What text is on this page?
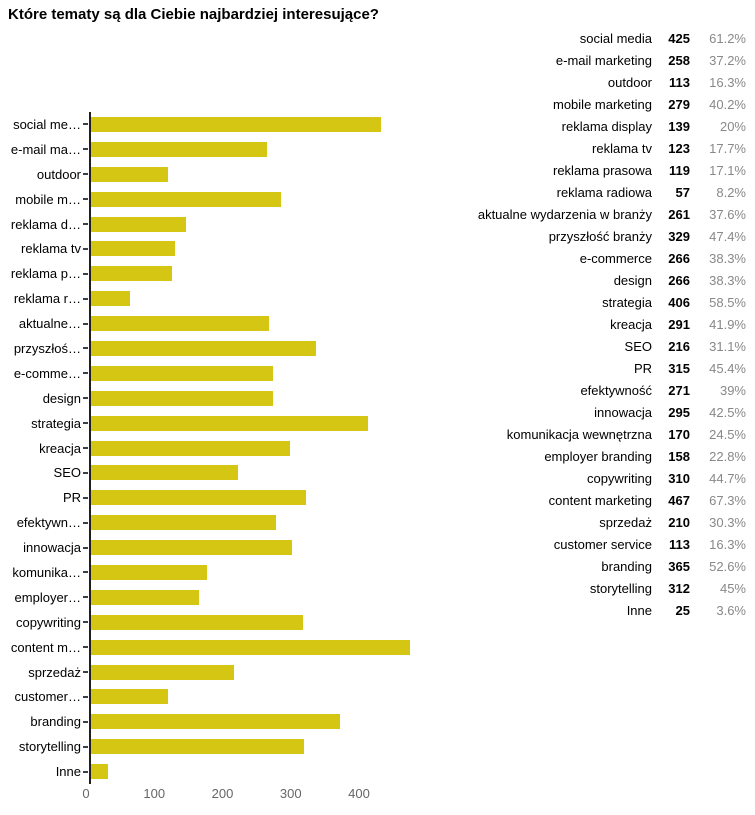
Które tematy są dla Ciebie najbardziej interesujące?
social me…
e-mail ma…
outdoor
mobile m…
reklama d…
reklama tv
reklama p…
reklama r…
aktualne…
przyszłoś…
e-comme…
design
strategia
kreacja
SEO
PR
efektywn…
innowacja
komunika…
employer…
copywriting
content m…
sprzedaż
customer…
branding
storytelling
Inne
0	100	200	300	400
social media	425	61.2%
e-mail marketing	258	37.2%
outdoor	113	16.3%
mobile marketing	279	40.2%
reklama display	139	20%
reklama tv	123	17.7%
reklama prasowa	119	17.1%
reklama radiowa	57	8.2%
aktualne wydarzenia w branży	261	37.6%
przyszłość branży	329	47.4%
e-commerce	266	38.3%
design	266	38.3%
strategia	406	58.5%
kreacja	291	41.9%
SEO	216	31.1%
PR	315	45.4%
efektywność	271	39%
innowacja	295	42.5%
komunikacja wewnętrzna	170	24.5%
employer branding	158	22.8%
copywriting	310	44.7%
content marketing	467	67.3%
sprzedaż	210	30.3%
customer service	113	16.3%
branding	365	52.6%
storytelling	312	45%
Inne	25	3.6%
